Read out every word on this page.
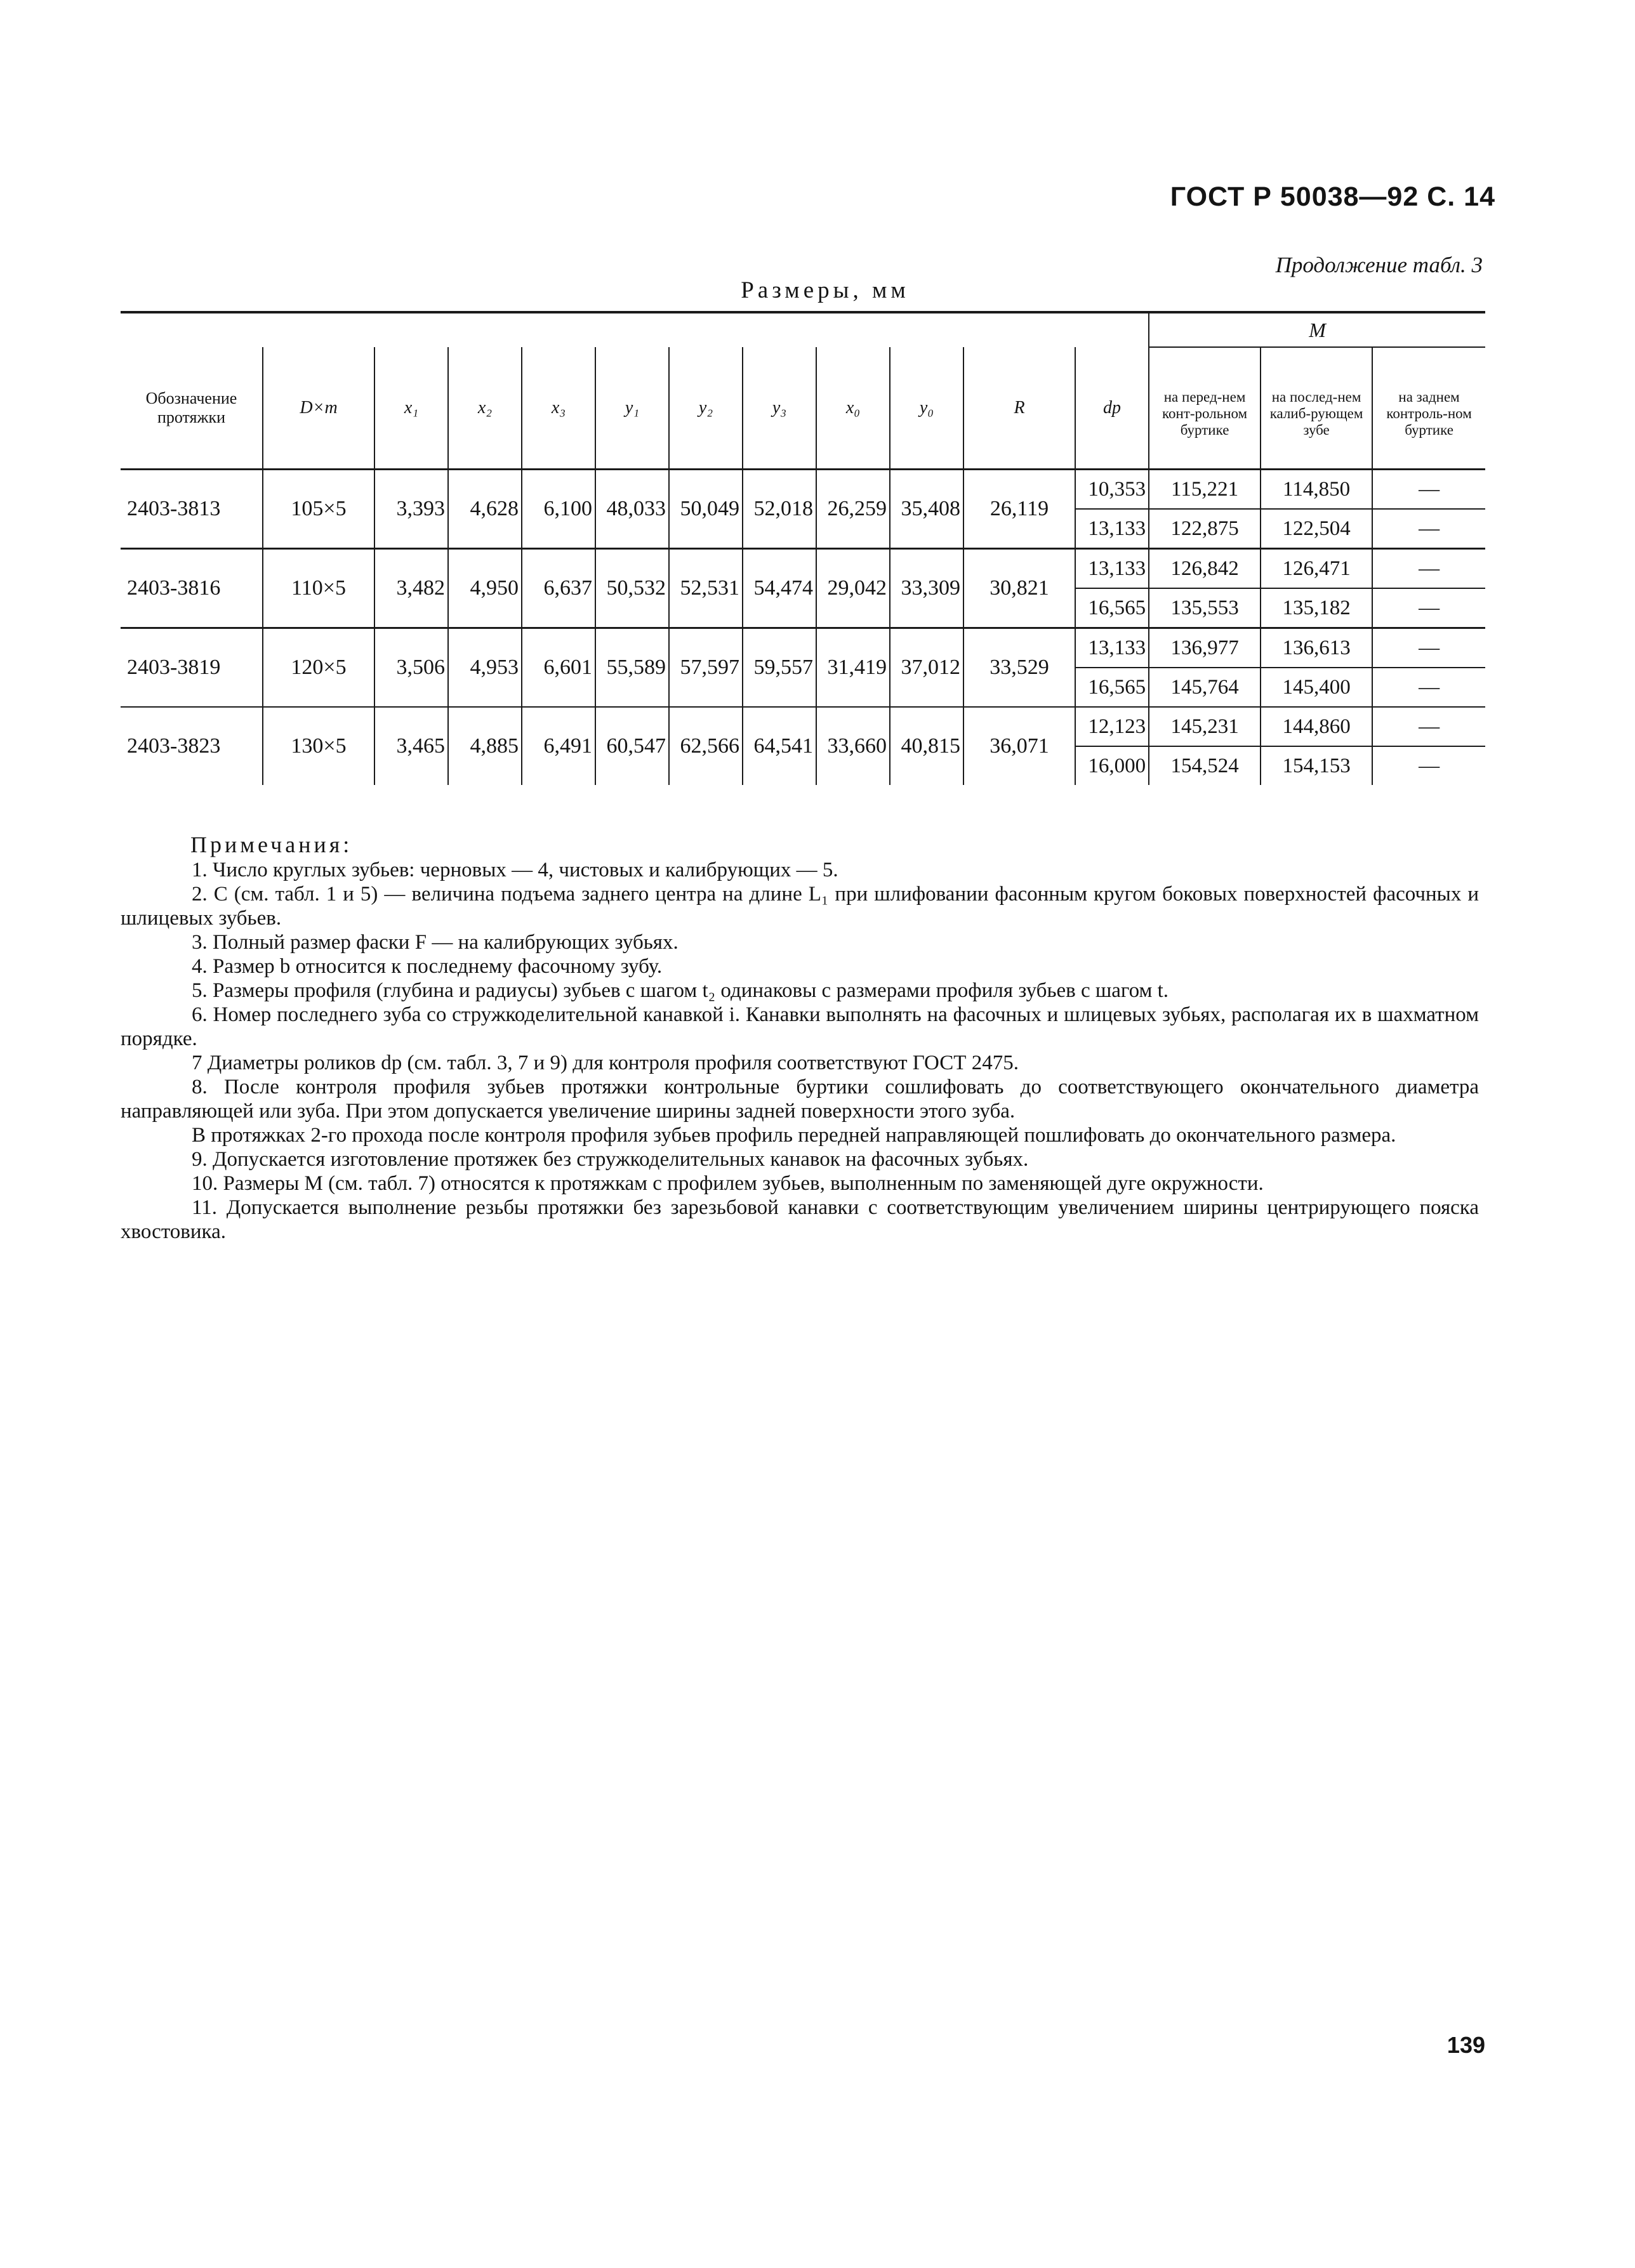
ГОСТ Р 50038—92 С. 14
Продолжение табл. 3
Размеры, мм
												M		
Обозначение протяжки	D×m	x₁	x₂	x₃	y₁	y₂	y₃	x₀	y₀	R	dp	на перед-нем конт-рольном буртике	на послед-нем калиб-рующем зубе	на заднем контроль-ном буртике
2403-3813	105×5	3,393	4,628	6,100	48,033	50,049	52,018	26,259	35,408	26,119	10,353	115,221	114,850	—
											13,133	122,875	122,504	—
2403-3816	110×5	3,482	4,950	6,637	50,532	52,531	54,474	29,042	33,309	30,821	13,133	126,842	126,471	—
											16,565	135,553	135,182	—
2403-3819	120×5	3,506	4,953	6,601	55,589	57,597	59,557	31,419	37,012	33,529	13,133	136,977	136,613	—
											16,565	145,764	145,400	—
2403-3823	130×5	3,465	4,885	6,491	60,547	62,566	64,541	33,660	40,815	36,071	12,123	145,231	144,860	—
											16,000	154,524	154,153	—
Примечания:

1. Число круглых зубьев: черновых — 4, чистовых и калибрующих — 5.

2. C (см. табл. 1 и 5) — величина подъема заднего центра на длине L₁ при шлифовании фасонным кругом боковых поверхностей фасочных и шлицевых зубьев.

3. Полный размер фаски F — на калибрующих зубьях.

4. Размер b относится к последнему фасочному зубу.

5. Размеры профиля (глубина и радиусы) зубьев с шагом t₂ одинаковы с размерами профиля зубьев с шагом t.

6. Номер последнего зуба со стружкоделительной канавкой i. Канавки выполнять на фасочных и шлицевых зубьях, располагая их в шахматном порядке.

7 Диаметры роликов dp (см. табл. 3, 7 и 9) для контроля профиля соответствуют ГОСТ 2475.

8. После контроля профиля зубьев протяжки контрольные буртики сошлифовать до соответствующего окончательного диаметра направляющей или зуба. При этом допускается увеличение ширины задней поверхности этого зуба.

В протяжках 2-го прохода после контроля профиля зубьев профиль передней направляющей пошлифовать до окончательного размера.

9. Допускается изготовление протяжек без стружкоделительных канавок на фасочных зубьях.

10. Размеры M (см. табл. 7) относятся к протяжкам с профилем зубьев, выполненным по заменяющей дуге окружности.

11. Допускается выполнение резьбы протяжки без зарезьбовой канавки с соответствующим увеличением ширины центрирующего пояска хвостовика.

139
